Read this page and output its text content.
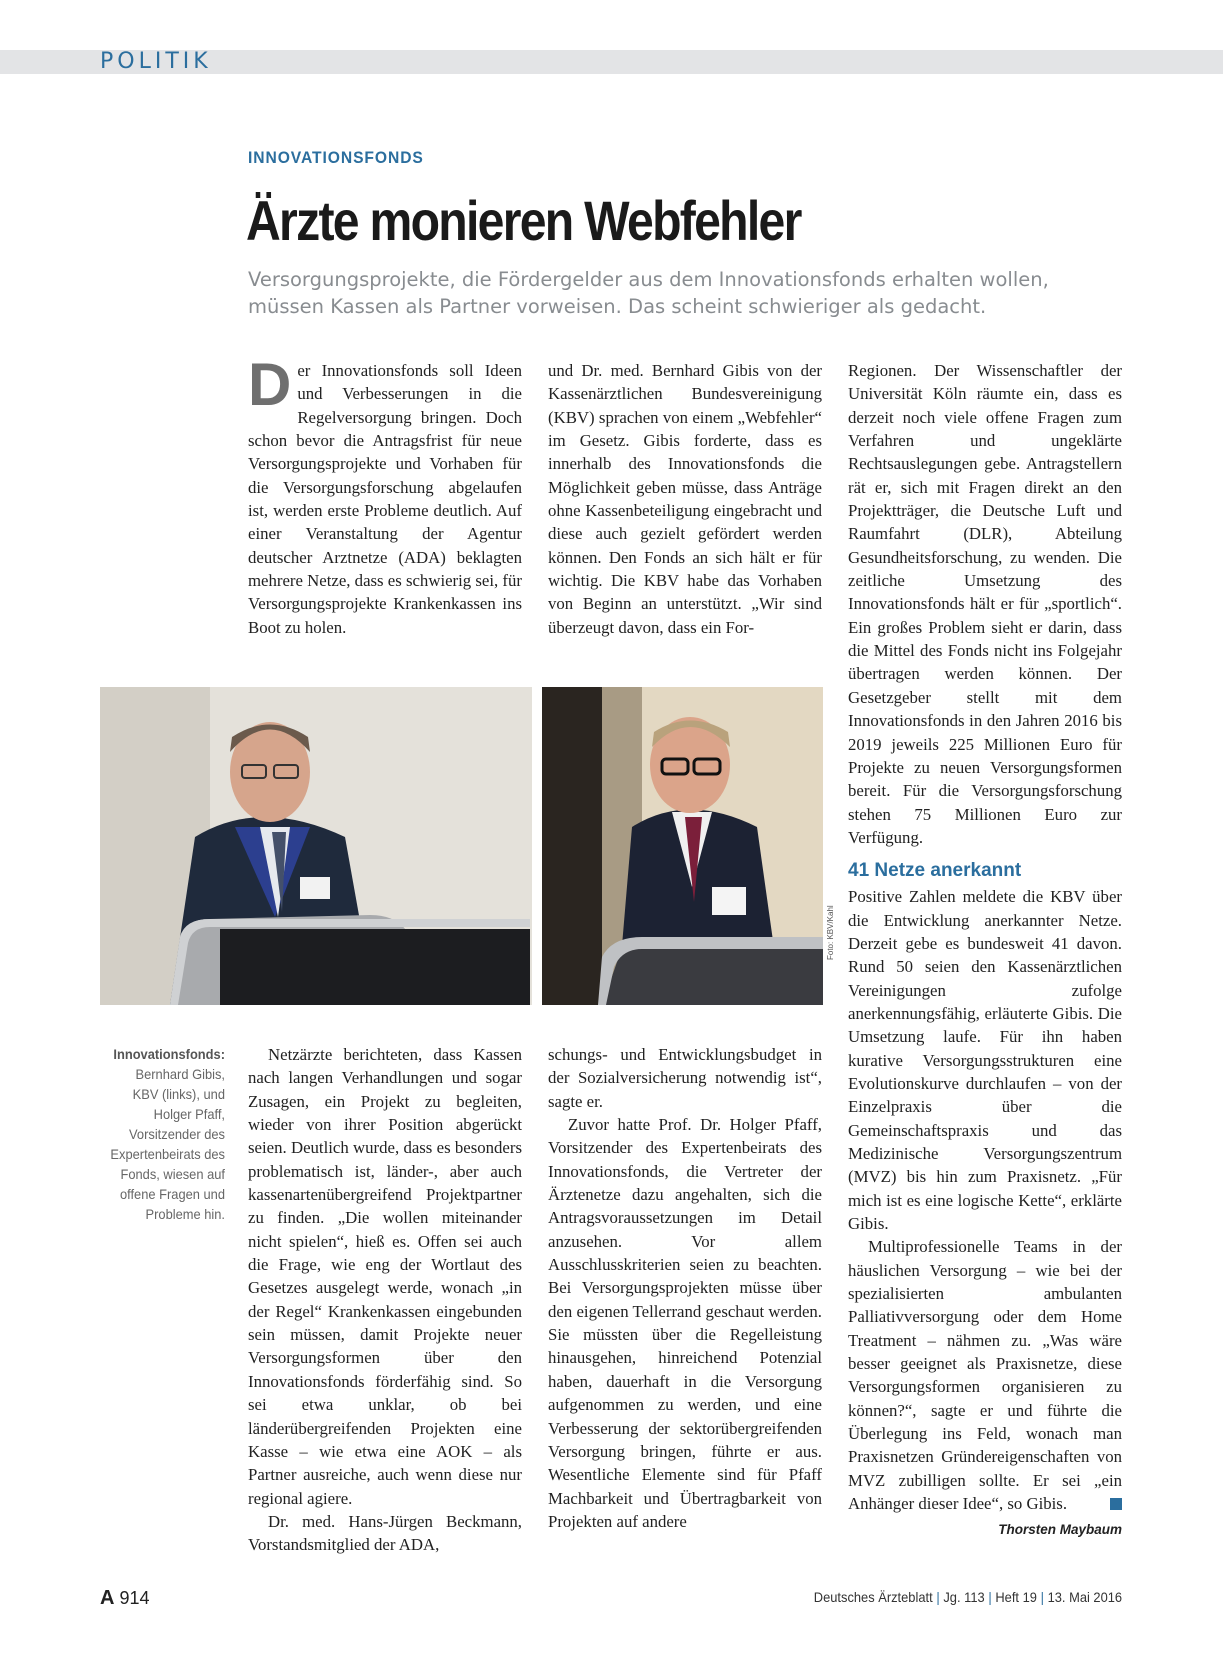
POLITIK
INNOVATIONSFONDS
Ärzte monieren Webfehler
Versorgungsprojekte, die Fördergelder aus dem Innovationsfonds erhalten wollen, müssen Kassen als Partner vorweisen. Das scheint schwieriger als gedacht.

Der Innovationsfonds soll Ideen und Verbesserungen in die Regelversorgung bringen. Doch schon bevor die Antragsfrist für neue Versorgungsprojekte und Vorhaben für die Versorgungsforschung abgelaufen ist, werden erste Probleme deutlich. Auf einer Veranstaltung der Agentur deutscher Arztnetze (ADA) beklagten mehrere Netze, dass es schwierig sei, für Versorgungsprojekte Krankenkassen ins Boot zu holen.

und Dr. med. Bernhard Gibis von der Kassenärztlichen Bundesvereinigung (KBV) sprachen von einem „Webfehler“ im Gesetz. Gibis forderte, dass es innerhalb des Innovationsfonds die Möglichkeit geben müsse, dass Anträge ohne Kassenbeteiligung eingebracht und diese auch gezielt gefördert werden können. Den Fonds an sich hält er für wichtig. Die KBV habe das Vorhaben von Beginn an unterstützt. „Wir sind überzeugt davon, dass ein For-

Regionen. Der Wissenschaftler der Universität Köln räumte ein, dass es derzeit noch viele offene Fragen zum Verfahren und ungeklärte Rechtsauslegungen gebe. Antragstellern rät er, sich mit Fragen direkt an den Projektträger, die Deutsche Luft und Raumfahrt (DLR), Abteilung Gesundheitsforschung, zu wenden. Die zeitliche Umsetzung des Innovationsfonds hält er für „sportlich“. Ein großes Problem sieht er darin, dass die Mittel des Fonds nicht ins Folgejahr übertragen werden können. Der Gesetzgeber stellt mit dem Innovationsfonds in den Jahren 2016 bis 2019 jeweils 225 Millionen Euro für Projekte zu neuen Versorgungsformen bereit. Für die Versorgungsforschung stehen 75 Millionen Euro zur Verfügung.

41 Netze anerkannt

Positive Zahlen meldete die KBV über die Entwicklung anerkannter Netze. Derzeit gebe es bundesweit 41 davon. Rund 50 seien den Kassenärztlichen Vereinigungen zufolge anerkennungsfähig, erläuterte Gibis. Die Umsetzung laufe. Für ihn haben kurative Versorgungsstrukturen eine Evolutionskurve durchlaufen – von der Einzelpraxis über die Gemeinschaftspraxis und das Medizinische Versorgungszentrum (MVZ) bis hin zum Praxisnetz. „Für mich ist es eine logische Kette“, erklärte Gibis.

Multiprofessionelle Teams in der häuslichen Versorgung – wie bei der spezialisierten ambulanten Palliativversorgung oder dem Home Treatment – nähmen zu. „Was wäre besser geeignet als Praxisnetze, diese Versorgungsformen organisieren zu können?“, sagte er und führte die Überlegung ins Feld, wonach man Praxisnetzen Gründereigenschaften von MVZ zubilligen sollte. Er sei „ein Anhänger dieser Idee“, so Gibis.

Thorsten Maybaum
Foto: KBV/Kahl
Innovationsfonds: Bernhard Gibis, KBV (links), und Holger Pfaff, Vorsitzender des Expertenbeirats des Fonds, wiesen auf offene Fragen und Probleme hin.

Netzärzte berichteten, dass Kassen nach langen Verhandlungen und sogar Zusagen, ein Projekt zu begleiten, wieder von ihrer Position abgerückt seien. Deutlich wurde, dass es besonders problematisch ist, länder-, aber auch kassenartenübergreifend Projektpartner zu finden. „Die wollen miteinander nicht spielen“, hieß es. Offen sei auch die Frage, wie eng der Wortlaut des Gesetzes ausgelegt werde, wonach „in der Regel“ Krankenkassen eingebunden sein müssen, damit Projekte neuer Versorgungsformen über den Innovationsfonds förderfähig sind. So sei etwa unklar, ob bei länderübergreifenden Projekten eine Kasse – wie etwa eine AOK – als Partner ausreiche, auch wenn diese nur regional agiere.

Dr. med. Hans-Jürgen Beckmann, Vorstandsmitglied der ADA,

schungs- und Entwicklungsbudget in der Sozialversicherung notwendig ist“, sagte er.

Zuvor hatte Prof. Dr. Holger Pfaff, Vorsitzender des Expertenbeirats des Innovationsfonds, die Vertreter der Ärztenetze dazu angehalten, sich die Antragsvoraussetzungen im Detail anzusehen. Vor allem Ausschlusskriterien seien zu beachten. Bei Versorgungsprojekten müsse über den eigenen Tellerrand geschaut werden. Sie müssten über die Regelleistung hinausgehen, hinreichend Potenzial haben, dauerhaft in die Versorgung aufgenommen zu werden, und eine Verbesserung der sektorübergreifenden Versorgung bringen, führte er aus. Wesentliche Elemente sind für Pfaff Machbarkeit und Übertragbarkeit von Projekten auf andere

A 914	Deutsches Ärzteblatt | Jg. 113 | Heft 19 | 13. Mai 2016
